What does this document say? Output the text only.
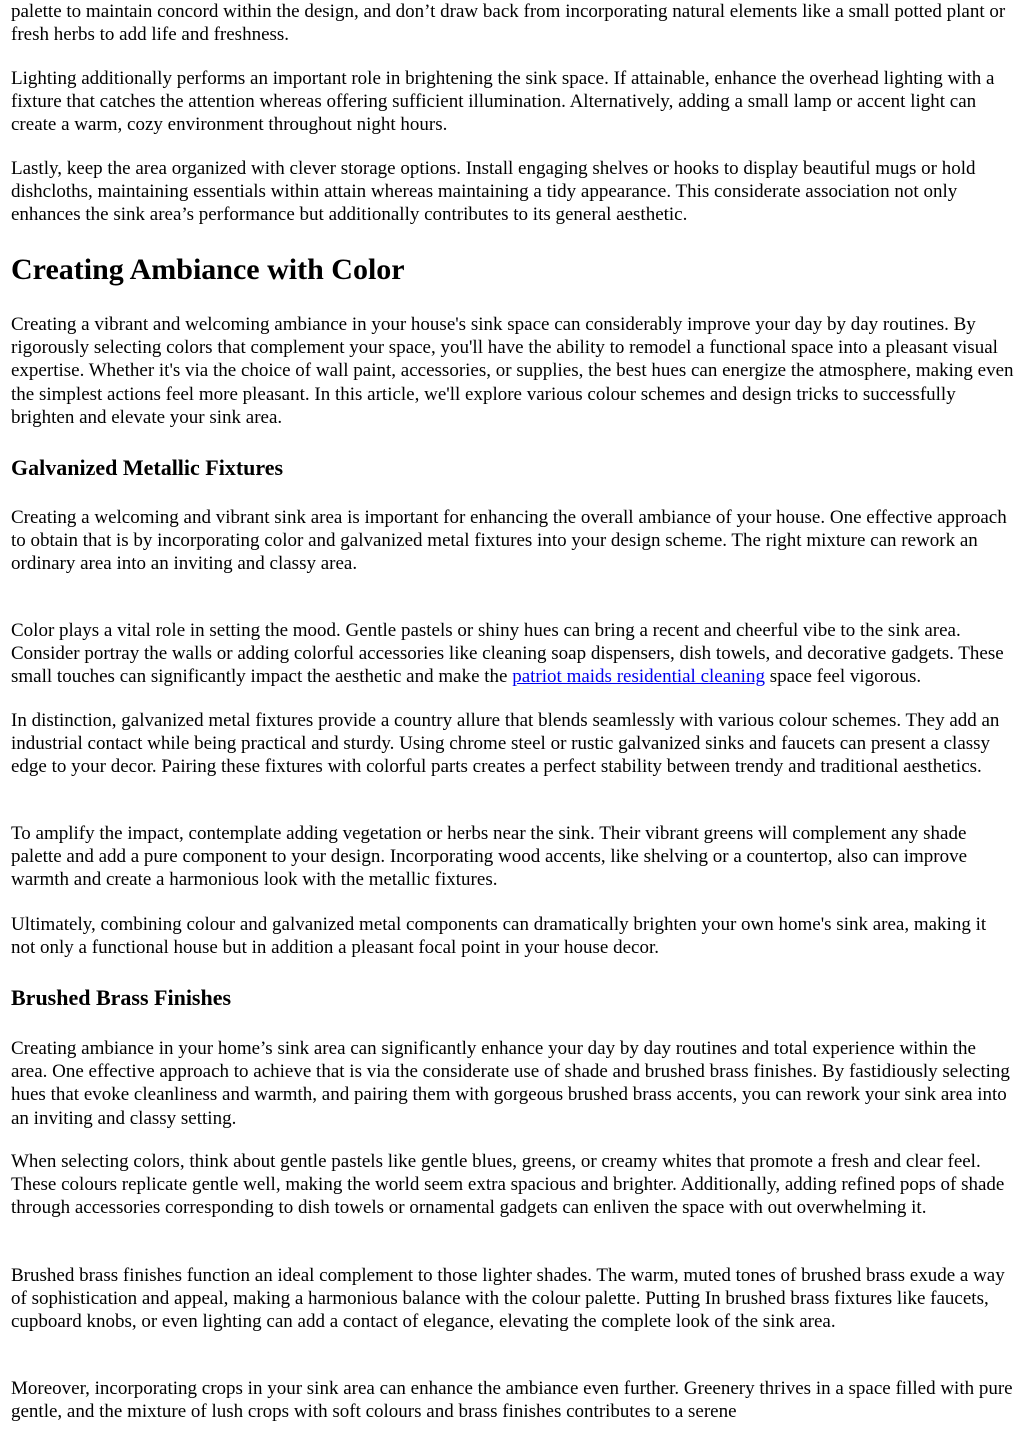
palette to maintain concord within the design, and don’t draw back from incorporating natural elements like a small potted plant or fresh herbs to add life and freshness.

Lighting additionally performs an important role in brightening the sink space. If attainable, enhance the overhead lighting with a fixture that catches the attention whereas offering sufficient illumination. Alternatively, adding a small lamp or accent light can create a warm, cozy environment throughout night hours.

Lastly, keep the area organized with clever storage options. Install engaging shelves or hooks to display beautiful mugs or hold dishcloths, maintaining essentials within attain whereas maintaining a tidy appearance. This considerate association not only enhances the sink area’s performance but additionally contributes to its general aesthetic.

Creating Ambiance with Color

Creating a vibrant and welcoming ambiance in your house's sink space can considerably improve your day by day routines. By rigorously selecting colors that complement your space, you'll have the ability to remodel a functional space into a pleasant visual expertise. Whether it's via the choice of wall paint, accessories, or supplies, the best hues can energize the atmosphere, making even the simplest actions feel more pleasant. In this article, we'll explore various colour schemes and design tricks to successfully brighten and elevate your sink area.

Galvanized Metallic Fixtures

Creating a welcoming and vibrant sink area is important for enhancing the overall ambiance of your house. One effective approach to obtain that is by incorporating color and galvanized metal fixtures into your design scheme. The right mixture can rework an ordinary area into an inviting and classy area.

Color plays a vital role in setting the mood. Gentle pastels or shiny hues can bring a recent and cheerful vibe to the sink area. Consider portray the walls or adding colorful accessories like cleaning soap dispensers, dish towels, and decorative gadgets. These small touches can significantly impact the aesthetic and make the patriot maids residential cleaning space feel vigorous.

In distinction, galvanized metal fixtures provide a country allure that blends seamlessly with various colour schemes. They add an industrial contact while being practical and sturdy. Using chrome steel or rustic galvanized sinks and faucets can present a classy edge to your decor. Pairing these fixtures with colorful parts creates a perfect stability between trendy and traditional aesthetics.

To amplify the impact, contemplate adding vegetation or herbs near the sink. Their vibrant greens will complement any shade palette and add a pure component to your design. Incorporating wood accents, like shelving or a countertop, also can improve warmth and create a harmonious look with the metallic fixtures.

Ultimately, combining colour and galvanized metal components can dramatically brighten your own home's sink area, making it not only a functional house but in addition a pleasant focal point in your house decor.

Brushed Brass Finishes

Creating ambiance in your home’s sink area can significantly enhance your day by day routines and total experience within the area. One effective approach to achieve that is via the considerate use of shade and brushed brass finishes. By fastidiously selecting hues that evoke cleanliness and warmth, and pairing them with gorgeous brushed brass accents, you can rework your sink area into an inviting and classy setting.

When selecting colors, think about gentle pastels like gentle blues, greens, or creamy whites that promote a fresh and clear feel. These colours replicate gentle well, making the world seem extra spacious and brighter. Additionally, adding refined pops of shade through accessories corresponding to dish towels or ornamental gadgets can enliven the space with out overwhelming it.

Brushed brass finishes function an ideal complement to those lighter shades. The warm, muted tones of brushed brass exude a way of sophistication and appeal, making a harmonious balance with the colour palette. Putting In brushed brass fixtures like faucets, cupboard knobs, or even lighting can add a contact of elegance, elevating the complete look of the sink area.

Moreover, incorporating crops in your sink area can enhance the ambiance even further. Greenery thrives in a space filled with pure gentle, and the mixture of lush crops with soft colours and brass finishes contributes to a serene
